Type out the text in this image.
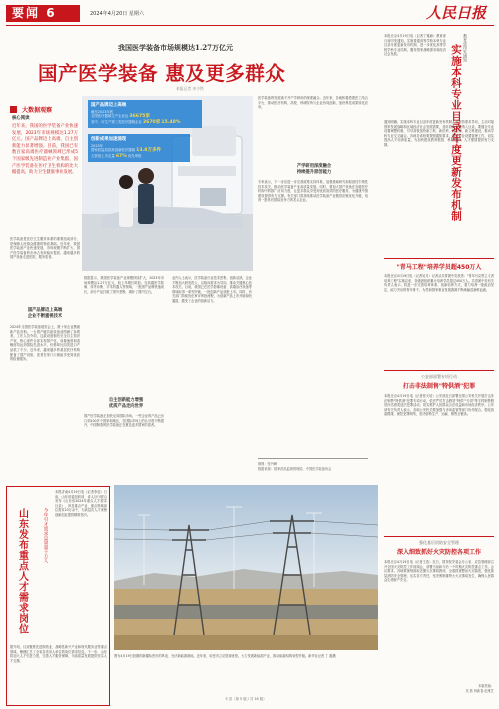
要闻 6	2024年4月20日 星期六	人民日报
我国医学装备市场规模达1.27万亿元
国产医学装备 惠及更多群众
本报记者 申少铁
大数据观察
核心阅读
近年来，我国的医学装备产业快速发展，2023年市场规模达1.27万亿元。国产品牌迈上高端，自主创新能力显著增强。目前，我国已有数百家高端医疗器械领域已形成5个国家级先进制造业产业集群，国产医学装备在医疗卫生机构的比大幅提高，助力卫生健康事业发展。
国产品牌迈上高端
截至2023年底
全国医疗器械生产企业达 36675家
其中，可生产第三类医疗器械企业 2670家 15.48%
创新成果加速涌现
2023年
国家药监局批准创新医疗器械 13.8万多件
占获批上市总量 67% 优先审批
医学装备是医疗卫生服务体系的重要组成部分，是保障人民群众健康的物质基础。近年来，我国医学装备产业快速发展，市场规模不断扩大，国产医学装备的市场占有率稳步提高，越来越多的国产设备走进医院，服务患者。
国产品牌迈上高端
企业不断重视技术
2024年全国医学装备展览会上，数十家企业携最新产品亮相。一台国产磁共振设备前围满了参观者。工作人员介绍，这款设备拥有完全自主知识产权，核心部件全部实现国产化，成像速度和清晰度均达到国际先进水平，价格却比同类进口产品低了不少。近年来，越来越多的基层医疗机构配备了国产设备，患者在家门口就能享受到优质的检查服务。
数据显示，我国医学装备产业规模持续扩大，2023年市场规模达1.27万亿元，较上年增长明显。在高端医学影像、体外诊断、手术机器人等领域，一批国产品牌快速成长，部分产品打破了国外垄断，填补了国内空白。
自主创新能力增强
优质产品走向世界
国产医学装备正加快走向国际市场。一些企业的产品已出口到100多个国家和地区，在国际市场上的认可度不断提升，中国制造的医学装备正在惠及更多国家的患者。
业内人士表示，医学装备行业技术密集、创新活跃，企业不断加大研发投入，以临床需求为导向，推动关键核心技术攻关。目前，我国已在医学影像设备、高端治疗设备等领域取得一系列突破，一批创新产品获批上市。同时，有关部门持续优化审评审批流程，为创新产品上市开辟绿色通道，激发了企业的创新活力。
医学装备的发展离不开产学研用的深度融合。近年来，各地积极搭建医工结合平台，推动医疗机构、高校、科研院所与企业协同创新，加快科技成果转化应用。
产学研用深度融合
持续提升原创能力
专家表示，下一步应进一步完善政策支持体系，加强基础研究和原创性引领性技术攻关，推动医学装备产业高质量发展。同时，要加大国产设备在各级医疗机构中的推广应用力度，让更多群众享受到优质高效的医疗服务，为健康中国建设提供有力支撑。有关部门将持续推动医学装备产业链供应链优化升级，培育一批具有国际竞争力的龙头企业。
制图：张丹峰
数据来源：国家药品监督管理局、中国医学装备协会
本报北京4月19日电（记者丁雅诵）教育部日前印发通知，实施普通高等学校本科专业目录年度更新发布机制，进一步优化高等学校学科专业结构，服务国家战略需求和经济社会发展。	教育部印发通知
实施本科专业目录年度更新发布机制
通知明确，实施本科专业目录年度更新发布机制，要坚持需求导向，主动对接国家发展战略和区域经济社会发展需要，及时将新专业纳入目录。要健全专业设置调整机制，引导高校加快新工科、新医科、新农科、新文科建设，推动学科专业交叉融合。各地各高校要按照通知要求，做好专业设置管理工作，切实提高人才培养质量，为加快建设教育强国、科技强国、人才强国提供有力支撑。
"青马工程"培养学员超450万人
本报北京4月19日电（记者吴月）记者从共青团中央获悉："青年马克思主义者培养工程"实施以来，各级团组织累计培养学员超过450万人。共青团中央有关负责人表示，将进一步完善培养体系，创新培养方式，着力培养一批政治坚定、能力突出的青年骨干，为党和国家事业发展源源不断地输送新鲜血液。
公安部部署专项行动
打击非法制售"特供酒"犯罪
本报北京4月19日电（记者张天培）公安部近日部署全国公安机关开展打击非法制售"特供酒"犯罪专项行动，依法严厉打击假冒"特供""专供"等字样制售假冒伪劣酒类违法犯罪活动，切实维护人民群众合法权益和市场经济秩序。公安部有关负责人表示，各地公安机关要加强与市场监管等部门协作配合，强化线索摸排，深挖犯罪网络，坚决斩断生产、运输、销售全链条。
强化基层消防安全管理
深入细致抓好火灾防控各项工作
本报北京4月19日电（记者王浩）近日，国务院安委会办公室、应急管理部召开全国火灾防控工作视频会，部署当前和今后一个时期火灾防控重点工作。会议要求，各地要深刻汲取近期火灾事故教训，全面排查整治火灾隐患，强化基层消防安全管理，压实各方责任，坚决遏制重特大火灾事故发生，确保人民群众生命财产安全。
本版责编：
吴 燕 杨新春 赵维艺
山东发布重点人才需求岗位	今年引才需求总量超十万人
本报济南4月19日电（记者李蕊）日前，山东省委组织部、省人社厅联合发布《山东省2024年重点人才需求目录》，涉及重点产业、重点领域岗位需求10万余个，为高层次人才来鲁创新创业提供精准指引。
据介绍，目录聚焦先进制造业、战略性新兴产业和现代服务业等重点领域，梳理汇总了全省各类用人单位的岗位需求信息。下一步，山东将加大人才引进力度，完善人才服务保障，为高质量发展提供坚实人才支撑。
图为4月19日拍摄的新疆哈密市的风电、光伏新能源基地。近年来，哈密市立足资源优势，大力发展新能源产业，推动能源结构转型升级。新华社记者 丁 磊摄
5 页（第 5 版 / 共 16 版）
